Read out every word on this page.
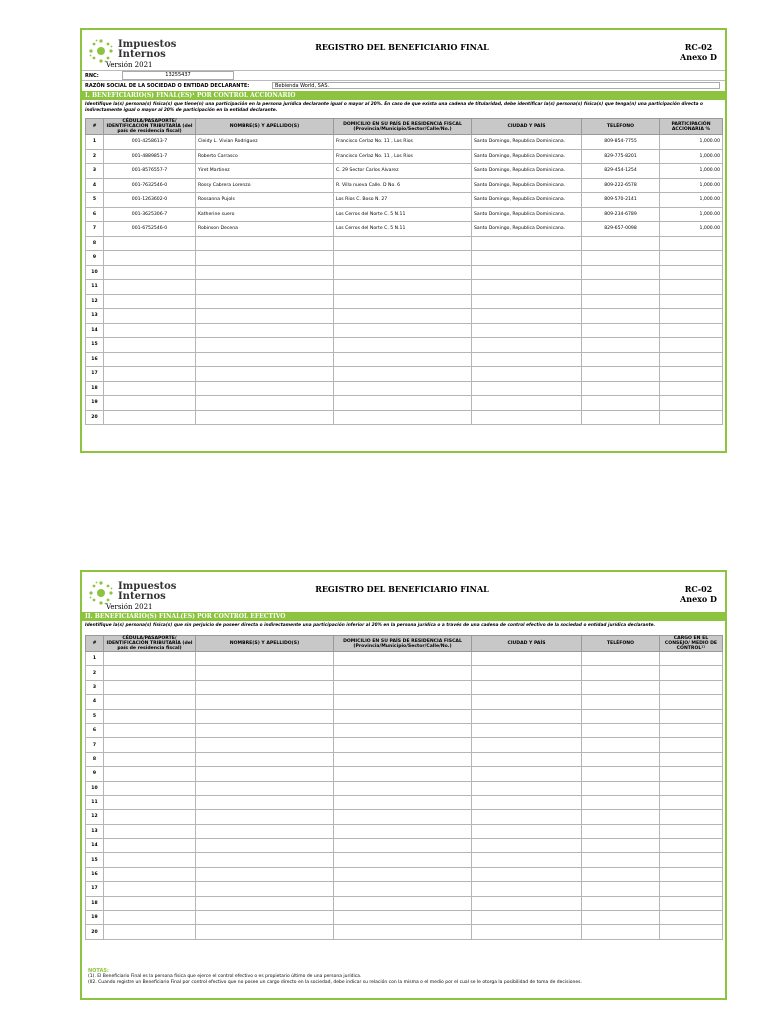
Impuestos
Internos
Versión 2021
REGISTRO DEL BENEFICIARIO FINAL	RC-02
Anexo D
RNC:	13255437
RAZÓN SOCIAL DE LA SOCIEDAD O ENTIDAD DECLARANTE:	Bebienda World, SAS.
I. BENEFICIARIO(S) FINAL(ES)¹ POR CONTROL ACCIONARIO
Identifique la(s) persona(s) física(s) que tiene(n) una participación en la persona jurídica declarante igual o mayor al 20%. En caso de que exista una cadena de titularidad, debe identificar la(s) persona(s) física(s) que tenga(n) una participación directa o indirectamente igual o mayor al 20% de participación en la entidad declarante.
#	CÉDULA/PASAPORTE/ IDENTIFICACIÓN TRIBUTARÍA (del país de residencia fiscal)	NOMBRE(S) Y APELLIDO(S)	DOMICILIO EN SU PAÍS DE RESIDENCIA FISCAL (Provincia/Municipio/Sector/Calle/No.)	CIUDAD Y PAÍS	TELÉFONO	PARTICIPACIÓN ACCIONARIA %
1	001-4258613-7	Cleidy L. Vivian Rodriguez	Francisco Cerlaz No. 11 , Los Rios	Santo Domingo, Republica Dominicana.	809-854-7755	1,000.00
2	001-4889851-7	Roberto Carrasco	Francisco Cerlaz No. 11 , Los Rios	Santo Domingo, Republica Dominicana.	829-775-8201	1,000.00
3	001-8576557-7	Yiret Martinez	C. 29 Sector Carlos Alvarez	Santo Domingo, Republica Dominicana.	829-454-1254	1,000.00
4	001-7632546-0	Rossy Cabrera Lorenzo	R. Villa nueva Calle. D No. 6	Santo Domingo, Republica Dominicana.	809-222-6578	1,000.00
5	001-1263602-0	Rossanna Pujols	Los Rios C. Boso N. 27	Santo Domingo, Republica Dominicana.	809-570-2141	1,000.00
6	001-3625306-7	Katherine suero	Los Cerros del Norte C. 5 N.11	Santo Domingo, Republica Dominicana.	809-234-6789	1,000.00
7	001-6752546-0	Robinson Decena	Los Cerros del Norte C. 5 N.11	Santo Domingo, Republica Dominicana.	829-657-0098	1,000.00
8						
9						
10						
11						
12						
13						
14						
15						
16						
17						
18						
19						
20						
Impuestos
Internos
Versión 2021
REGISTRO DEL BENEFICIARIO FINAL	RC-02
Anexo D
II. BENEFICIARIO(S) FINAL(ES) POR CONTROL EFECTIVO
Identifique la(s) persona(s) física(s) que sin perjuicio de poseer directa o indirectamente una participación inferior al 20% en la persona jurídica o a través de una cadena de control efectivo de la sociedad o entidad jurídica declarante.
#	CÉDULA/PASAPORTE/ IDENTIFICACIÓN TRIBUTARÍA (del país de residencia fiscal)	NOMBRE(S) Y APELLIDO(S)	DOMICILIO EN SU PAÍS DE RESIDENCIA FISCAL (Provincia/Municipio/Sector/Calle/No.)	CIUDAD Y PAÍS	TELÉFONO	CARGO EN EL CONSEJO/ MEDIO DE CONTROL¹¹
1						
2						
3						
4						
5						
6						
7						
8						
9						
10						
11						
12						
13						
14						
15						
16						
17						
18						
19						
20						
NOTAS:
(1). El Beneficiario Final es la persona física que ejerce el control efectivo o es propietario último de una persona jurídica.
(II2. Cuando registre un Beneficiario Final por control efectivo que no posee un cargo directo en la sociedad, debe indicar su relación con la misma o el medio por el cual se le otorga la posibilidad de toma de decisiones.
